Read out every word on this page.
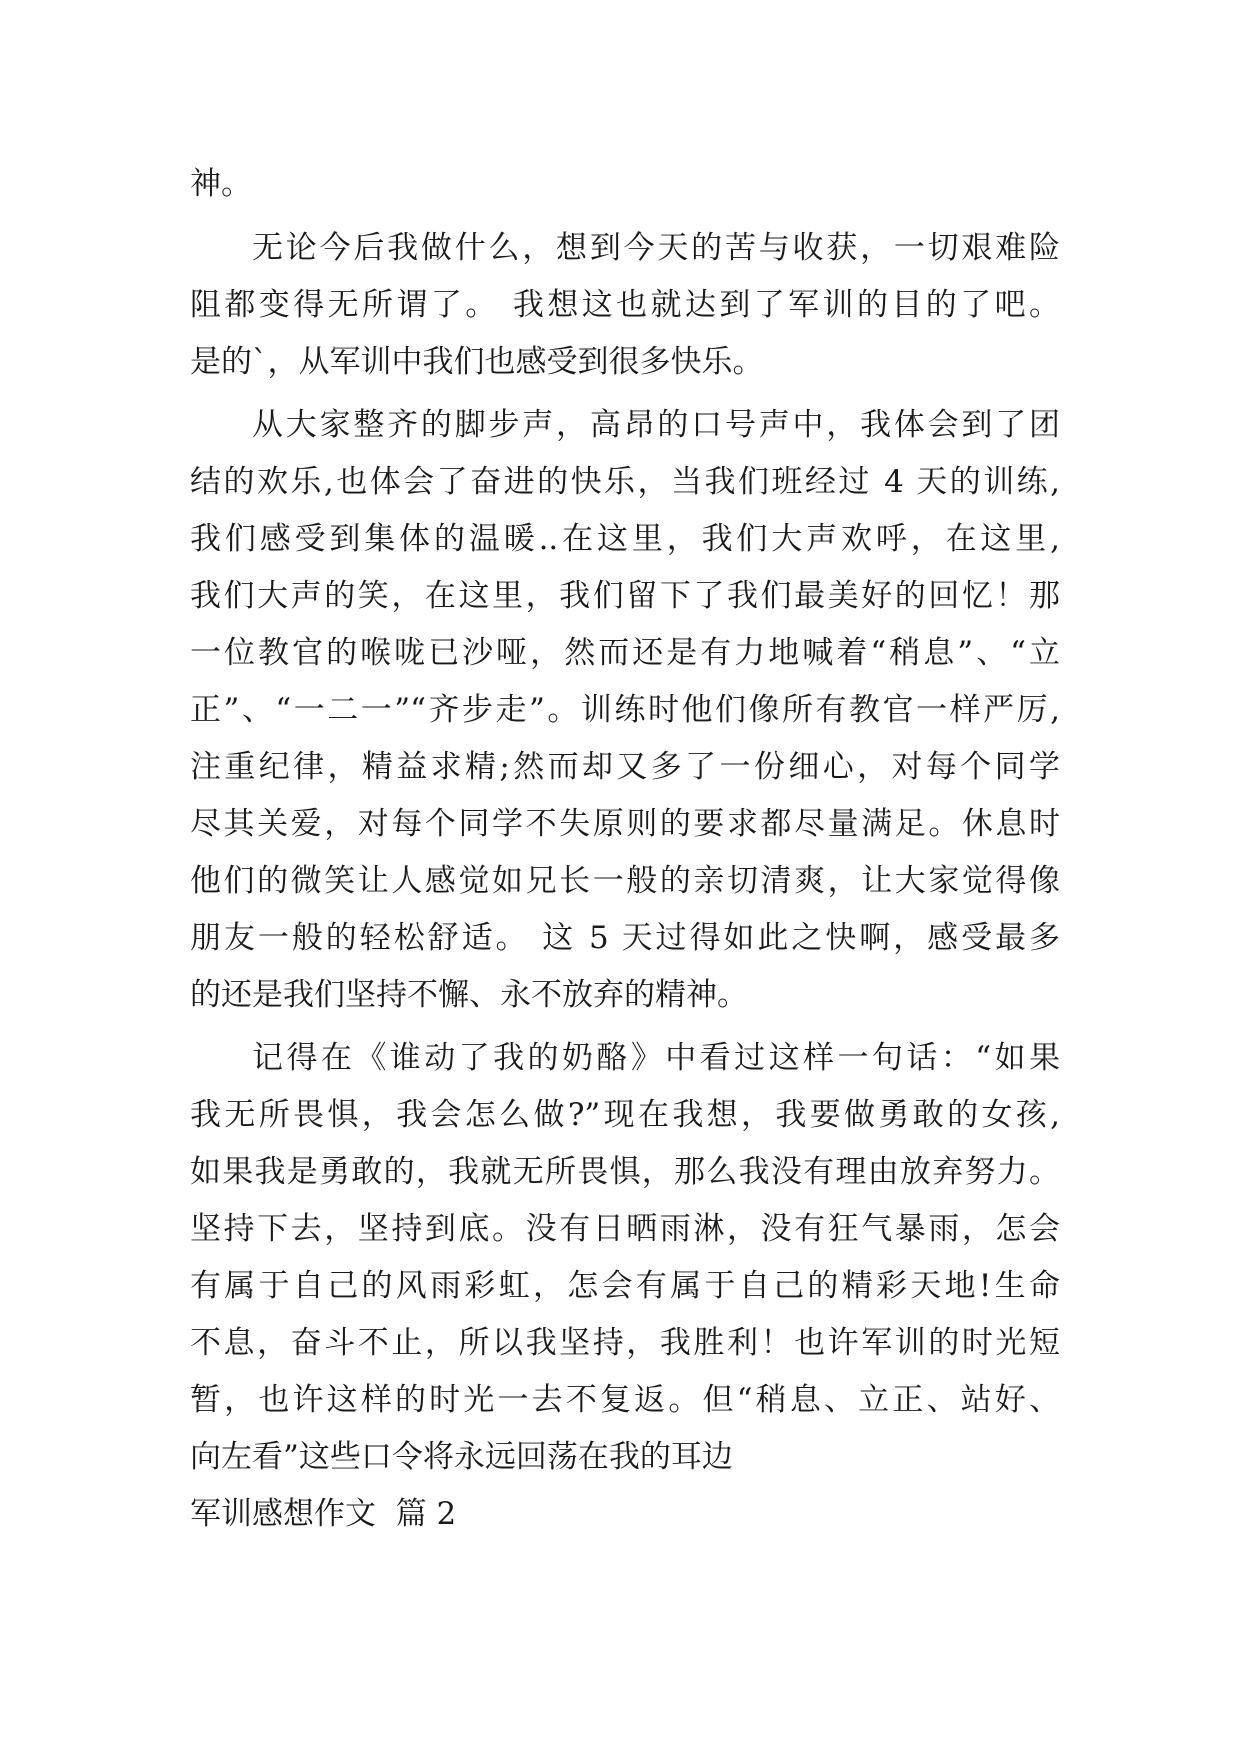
神。
无论今后我做什么，想到今天的苦与收获，一切艰难险
阻都变得无所谓了。 我想这也就达到了军训的目的了吧。
是的`，从军训中我们也感受到很多快乐。
从大家整齐的脚步声，高昂的口号声中，我体会到了团
结的欢乐,也体会了奋进的快乐，当我们班经过 4 天的训练,
我们感受到集体的温暖..在这里，我们大声欢呼，在这里,
我们大声的笑，在这里，我们留下了我们最美好的回忆！那
一位教官的喉咙已沙哑，然而还是有力地喊着“稍息”、“立
正”、“一二一”“齐步走”。训练时他们像所有教官一样严厉,
注重纪律，精益求精;然而却又多了一份细心，对每个同学
尽其关爱，对每个同学不失原则的要求都尽量满足。休息时
他们的微笑让人感觉如兄长一般的亲切清爽，让大家觉得像
朋友一般的轻松舒适。 这 5 天过得如此之快啊，感受最多
的还是我们坚持不懈、永不放弃的精神。
记得在《谁动了我的奶酪》中看过这样一句话：“如果
我无所畏惧，我会怎么做?”现在我想，我要做勇敢的女孩,
如果我是勇敢的，我就无所畏惧，那么我没有理由放弃努力。
坚持下去，坚持到底。没有日晒雨淋，没有狂气暴雨，怎会
有属于自己的风雨彩虹，怎会有属于自己的精彩天地!生命
不息，奋斗不止，所以我坚持，我胜利！也许军训的时光短
暂，也许这样的时光一去不复返。但“稍息、立正、站好、
向左看”这些口令将永远回荡在我的耳边
军训感想作文  篇 2
